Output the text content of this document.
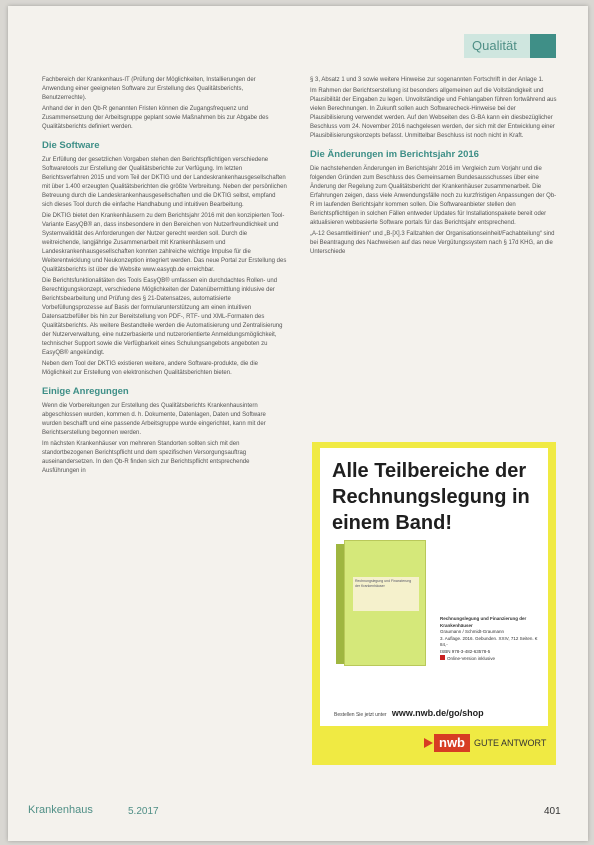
Qualität

Fachbereich der Krankenhaus-IT (Prüfung der Möglichkeiten, Installierungen der Anwendung einer geeigneten Software zur Erstellung des Qualitätsberichts, Benutzerrechte).

Anhand der in den Qb-R genannten Fristen können die Zugangsfrequenz und Zusammensetzung der Arbeitsgruppe geplant sowie Maßnahmen bis zur Abgabe des Qualitätsberichts definiert werden.

Die Software

Zur Erfüllung der gesetzlichen Vorgaben stehen den Berichtspflichtigen verschiedene Softwaretools zur Erstellung der Qualitätsberichte zur Verfügung. Im letzten Berichtsverfahren 2015 und vom Teil der DKTIG und der Landeskrankenhausgesellschaften mit über 1.400 erzeugten Qualitätsberichten die größte Verbreitung. Neben der persönlichen Betreuung durch die Landeskrankenhausgesellschaften und die DKTIG selbst, empfand sich dieses Tool durch die einfache Handhabung und intuitiven Bearbeitung.

Die DKTIG bietet den Krankenhäusern zu dem Berichtsjahr 2016 mit den konzipierten Tool-Variante EasyQB® an, dass insbesondere in den Bereichen von Nutzerfreundlichkeit und Systemvalidität des Anforderungen der Nutzer gerecht werden soll. Durch die weitreichende, langjährige Zusammenarbeit mit Krankenhäusern und Landeskrankenhausgesellschaften konnten zahlreiche wichtige Impulse für die Weiterentwicklung und Neukonzeption integriert werden. Das neue Portal zur Erstellung des Qualitätsberichts ist über die Website www.easyqb.de erreichbar.

Die Berichtsfunktionalitäten des Tools EasyQB® umfassen ein durchdachtes Rollen- und Berechtigungskonzept, verschiedene Möglichkeiten der Datenübermittlung inklusive der Berichtsbearbeitung und Prüfung des § 21-Datensatzes, automatisierte Vorbefüllungsprozesse auf Basis der formularunterstützung am einen intuitiven Datensatzbefüller bis hin zur Bereitstellung von PDF-, RTF- und XML-Formaten des Qualitätsberichts. Als weitere Bestandteile werden die Automatisierung und Zentralisierung der Nutzerverwaltung, eine nutzerbasierte und nutzerorientierte Anmeldungsmöglichkeit, technischer Support sowie die Verfügbarkeit eines Schulungsangebots angeboten zu EasyQB® angekündigt.

Neben dem Tool der DKTIG existieren weitere, andere Software-produkte, die die Möglichkeit zur Erstellung von elektronischen Qualitätsberichten bieten.

Einige Anregungen

Wenn die Vorbereitungen zur Erstellung des Qualitätsberichts Krankenhausintern abgeschlossen wurden, kommen d. h. Dokumente, Datenlagen, Daten und Software wurden beschafft und eine passende Arbeitsgruppe wurde eingerichtet, kann mit der Berichtserstellung begonnen werden.

Im nächsten Krankenhäuser von mehreren Standorten sollten sich mit den standortbezogenen Berichtspflicht und dem spezifischen Versorgungsauftrag auseinandersetzen. In den Qb-R finden sich zur Berichtspflicht entsprechende Ausführungen in

§ 3, Absatz 1 und 3 sowie weitere Hinweise zur sogenannten Fortschrift in der Anlage 1.

Im Rahmen der Berichtserstellung ist besonders allgemeinen auf die Vollständigkeit und Plausibilität der Eingaben zu legen. Unvollständige und Fehlangaben führen fortwährend aus vielen Berechnungen. In Zukunft sollen auch Softwarecheck-Hinweise bei der Plausibilisierung verwendet werden. Auf den Webseiten des G-BA kann ein diesbezüglicher Beschluss vom 24. November 2016 nachgelesen werden, der sich mit der Entwicklung einer Plausibilisierungskonzepts befasst. Unmittelbar Beschluss ist noch nicht in Kraft.

Die Änderungen im Berichtsjahr 2016

Die nachstehenden Änderungen im Berichtsjahr 2016 im Vergleich zum Vorjahr und die folgenden Gründen zum Beschluss des Gemeinsamen Bundesausschusses über eine Änderung der Regelung zum Qualitätsbericht der Krankenhäuser zusammenarbeit. Die Erfahrungen zeigen, dass viele Anwendungsfälle noch zu kurzfristigen Anpassungen der Qb-R im laufenden Berichtsjahr kommen sollen. Die Softwareanbieter stellen den Berichtspflichtigen in solchen Fällen entweder Updates für Installationspakete bereit oder aktualisieren webbasierte Software portals für das Berichtsjahr entsprechend.

„A-12 Gesamtleitlinien“ und „B-[X].3 Fallzahlen der Organisationseinheit/Fachabteilung“ sind bei Beantragung des Nachweisen auf das neue Vergütungssystem nach § 17d KHG, an die Unterschiede

Alle Teilbereiche der Rechnungslegung in einem Band!
Rechnungslegung und Finanzierung der Krankenhäuser
Rechnungslegung und Finanzierung der Krankenhäuser
Graumann / Schmidt-Graumann
3. Auflage. 2016. Gebunden. XXIV, 712 Seiten. € 84,-
ISBN 978-3-482-63578-5
Online-Version inklusive
Bestellen Sie jetzt unter www.nwb.de/go/shop
nwb	GUTE ANTWORT
Krankenhaus	5.2017	401
